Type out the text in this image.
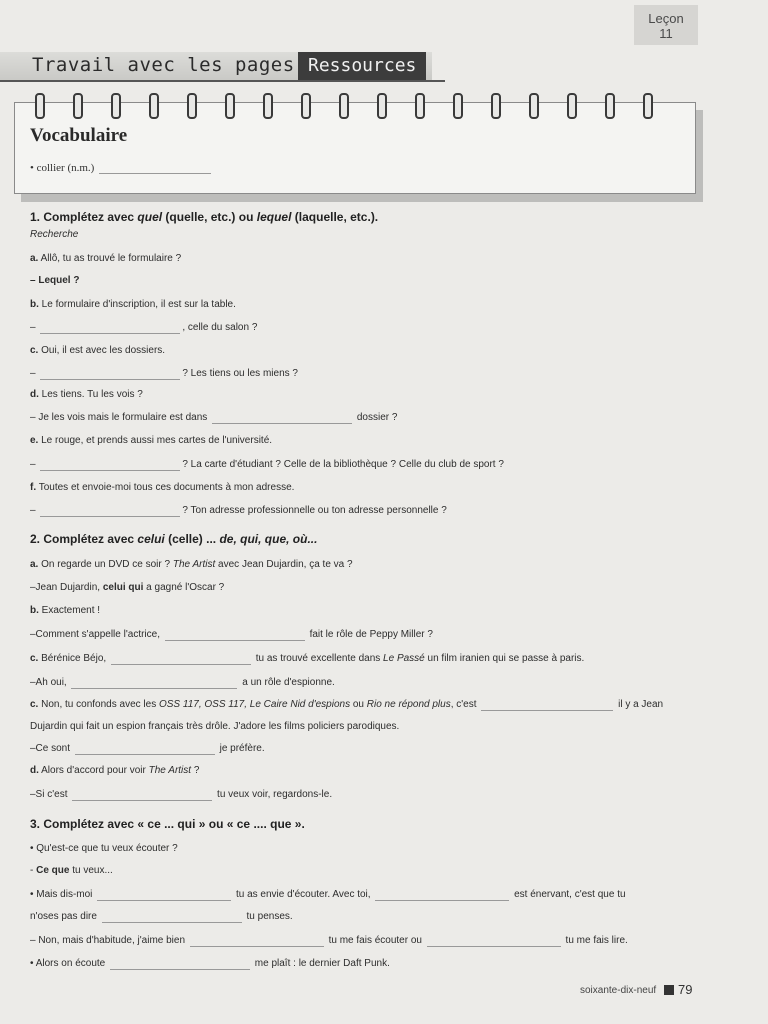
Leçon
11
Travail avec les pages Ressources
Vocabulaire
• collier (n.m.)
1. Complétez avec quel (quelle, etc.) ou lequel (laquelle, etc.).
Recherche
a. Allô, tu as trouvé le formulaire ?
– Lequel ?
b. Le formulaire d'inscription, il est sur la table.
–	, celle du salon ?
c. Oui, il est avec les dossiers.
–	? Les tiens ou les miens ?
d. Les tiens. Tu les vois ?
– Je les vois mais le formulaire est dans	dossier ?
e. Le rouge, et prends aussi mes cartes de l'université.
–	? La carte d'étudiant ? Celle de la bibliothèque ? Celle du club de sport ?
f. Toutes et envoie-moi tous ces documents à mon adresse.
–	? Ton adresse professionnelle ou ton adresse personnelle ?
2. Complétez avec celui (celle) ... de, qui, que, où...
a. On regarde un DVD ce soir ? The Artist avec Jean Dujardin, ça te va ?
–Jean Dujardin, celui qui a gagné l'Oscar ?
b. Exactement !
–Comment s'appelle l'actrice,	fait le rôle de Peppy Miller ?
c. Bérénice Béjo,	tu as trouvé excellente dans Le Passé un film iranien qui se passe à paris.
–Ah oui,	a un rôle d'espionne.
c. Non, tu confonds avec les OSS 117, OSS 117, Le Caire Nid d'espions ou Rio ne répond plus, c'est	il y a Jean
Dujardin qui fait un espion français très drôle. J'adore les films policiers parodiques.
–Ce sont	je préfère.
d. Alors d'accord pour voir The Artist ?
–Si c'est	tu veux voir, regardons-le.
3. Complétez avec « ce ... qui » ou « ce .... que ».
• Qu'est-ce que tu veux écouter ?
- Ce que tu veux...
• Mais dis-moi	tu as envie d'écouter. Avec toi,	est énervant, c'est que tu
n'oses pas dire	tu penses.
– Non, mais d'habitude, j'aime bien	tu me fais écouter ou	tu me fais lire.
• Alors on écoute	me plaît : le dernier Daft Punk.
soixante-dix-neuf 79
